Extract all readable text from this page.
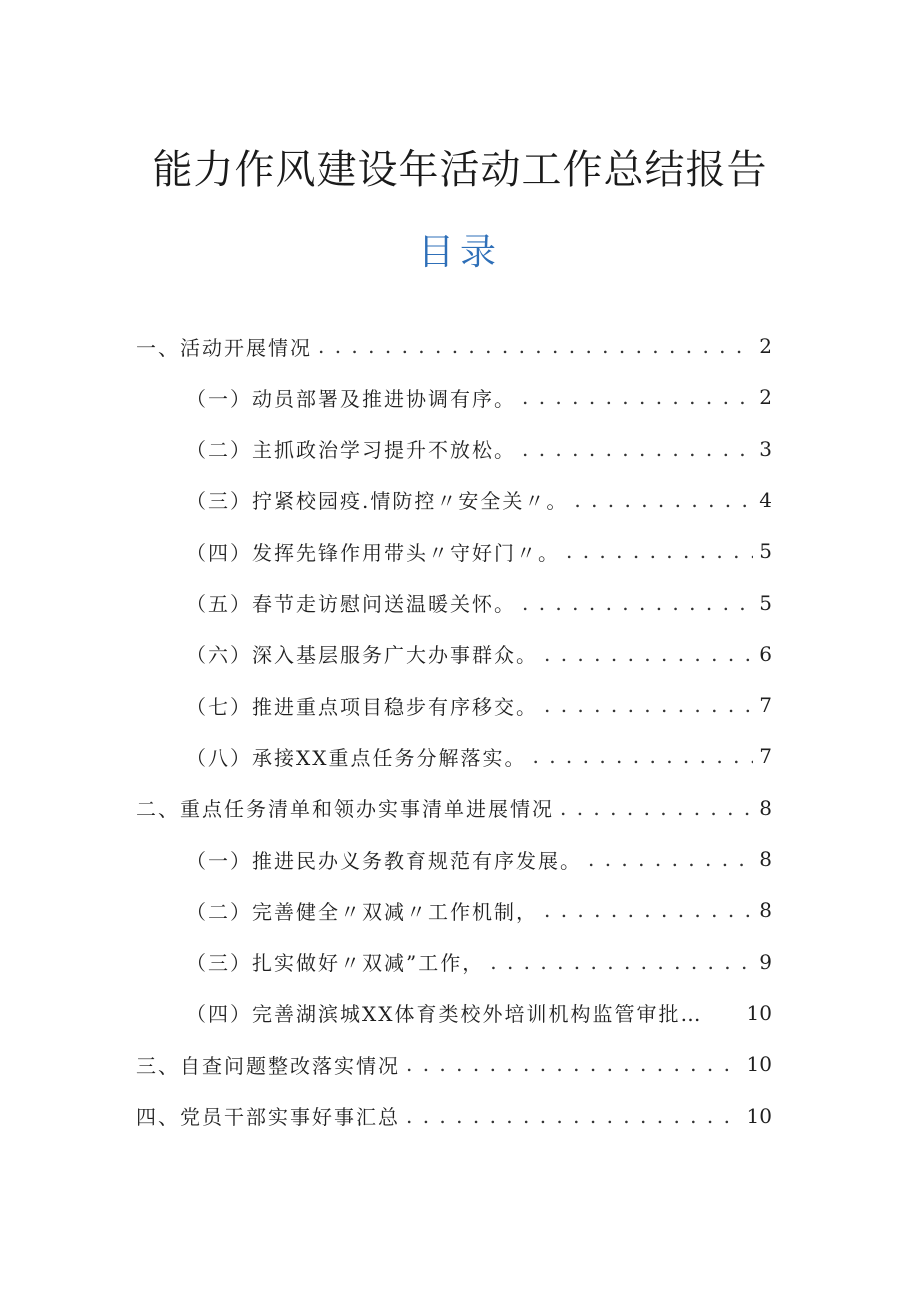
能力作风建设年活动工作总结报告
目录
一、活动开展情况 . . .	2
（一）动员部署及推进协调有序。 . . .	2
（二）主抓政治学习提升不放松。 . . .	3
（三）拧紧校园疫.情防控〃安全关〃。 . . .	4
（四）发挥先锋作用带头〃守好门〃。 . . .	5
（五）春节走访慰问送温暖关怀。 . . .	5
（六）深入基层服务广大办事群众。 . . .	6
（七）推进重点项目稳步有序移交。 . . .	7
（八）承接XX重点任务分解落实。 . . .	7
二、重点任务清单和领办实事清单进展情况 . . .	8
（一）推进民办义务教育规范有序发展。 . . .	8
（二）完善健全〃双减〃工作机制， . . .	8
（三）扎实做好〃双减”工作， . . .	9
（四）完善湖滨城XX体育类校外培训机构监管审批…	10
三、自查问题整改落实情况 . . .	10
四、党员干部实事好事汇总 . . .	10
